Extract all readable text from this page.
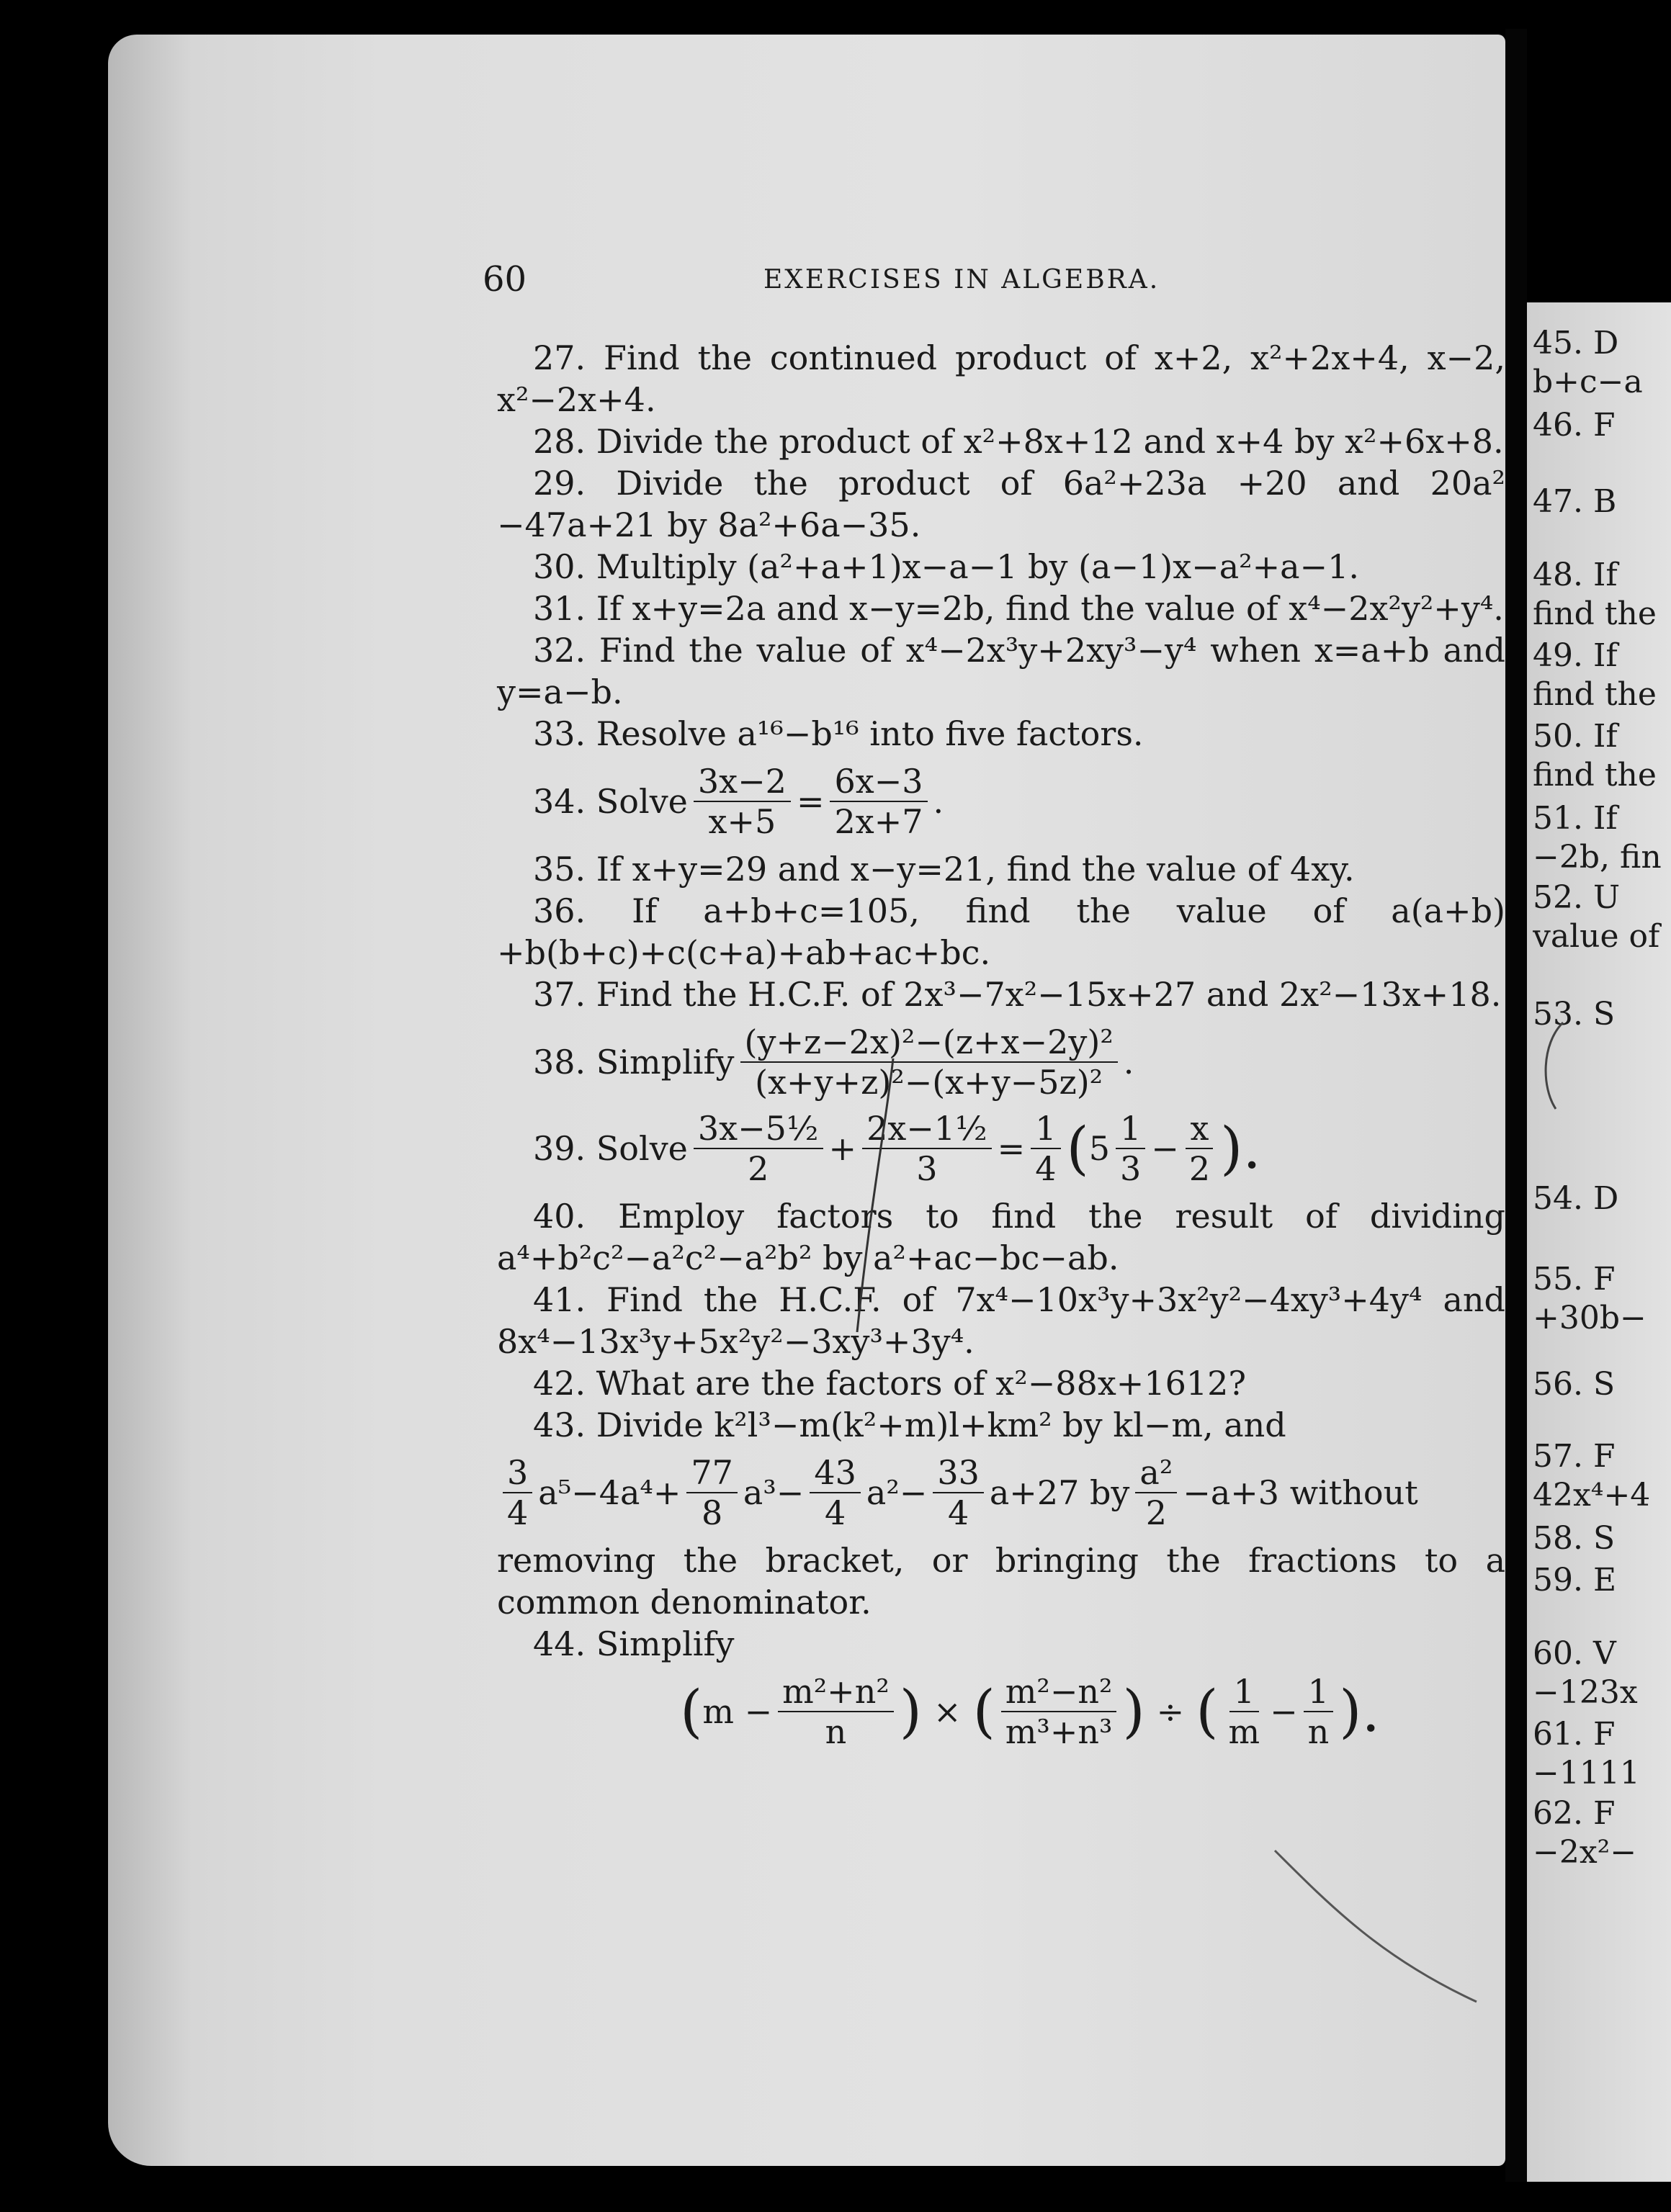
60	EXERCISES IN ALGEBRA.

27. Find the continued product of x+2, x²+2x+4, x−2, x²−2x+4.

28. Divide the product of x²+8x+12 and x+4 by x²+6x+8.

29. Divide the product of 6a²+23a +20 and 20a² −47a+21 by 8a²+6a−35.

30. Multiply (a²+a+1)x−a−1 by (a−1)x−a²+a−1.

31. If x+y=2a and x−y=2b, find the value of x⁴−2x²y²+y⁴.

32. Find the value of x⁴−2x³y+2xy³−y⁴ when x=a+b and y=a−b.

33. Resolve a¹⁶−b¹⁶ into five factors.

34. Solve $\frac{3x-2}{x+5} = \frac{6x-3}{2x+7}$ .

35. If x+y=29 and x−y=21, find the value of 4xy.

36. If a+b+c=105, find the value of a(a+b) +b(b+c)+c(c+a)+ab+ac+bc.

37. Find the H.C.F. of 2x³−7x²−15x+27 and 2x²−13x+18.

38. Simplify $\frac{\text{(y+z−2x)²−(z+x−2y)²}}{\text{(x+y+z)²−(x+y−5z)²}}$ .
39. Solve $\frac{\text{3x−5½}}{2} + \frac{\text{2x−1½}}{3} = \frac{1}{4}$ ( $5 \frac{1}{3} - \frac{x}{2}$ ).

40. Employ factors to find the result of dividing a⁴+b²c²−a²c²−a²b² by a²+ac−bc−ab.

41. Find the H.C.F. of 7x⁴−10x³y+3x²y²−4xy³+4y⁴ and 8x⁴−13x³y+5x²y²−3xy³+3y⁴.

42. What are the factors of x²−88x+1612?

43. Divide k²l³−m(k²+m)l+km² by kl−m, and

$\frac{3}{4} a^5-4a^4+ \frac{77}{8} a^3- \frac{43}{4} a^2- \frac{33}{4} a+27$ by $\frac{\text{a²}}{2} -a+3$ without

removing the bracket, or bringing the fractions to a common denominator.

44. Simplify

( $m - \frac{\text{m²+n²}}{n}$ ) × ( $\frac{\text{m²−n²}}{\text{m³+n³}}$ ) ÷ ( $\frac{1}{m} - \frac{1}{n}$ ).
45. D
b+c−a
46. F
47. B
48. If
find the
49. If
find the
50. If
find the
51. If
−2b, fin
52. U
value of
53. S
54. D
55. F
+30b−
56. S
57. F
42x⁴+4
58. S
59. E
60. V
−123x
61. F
−1111
62. F
−2x²−
